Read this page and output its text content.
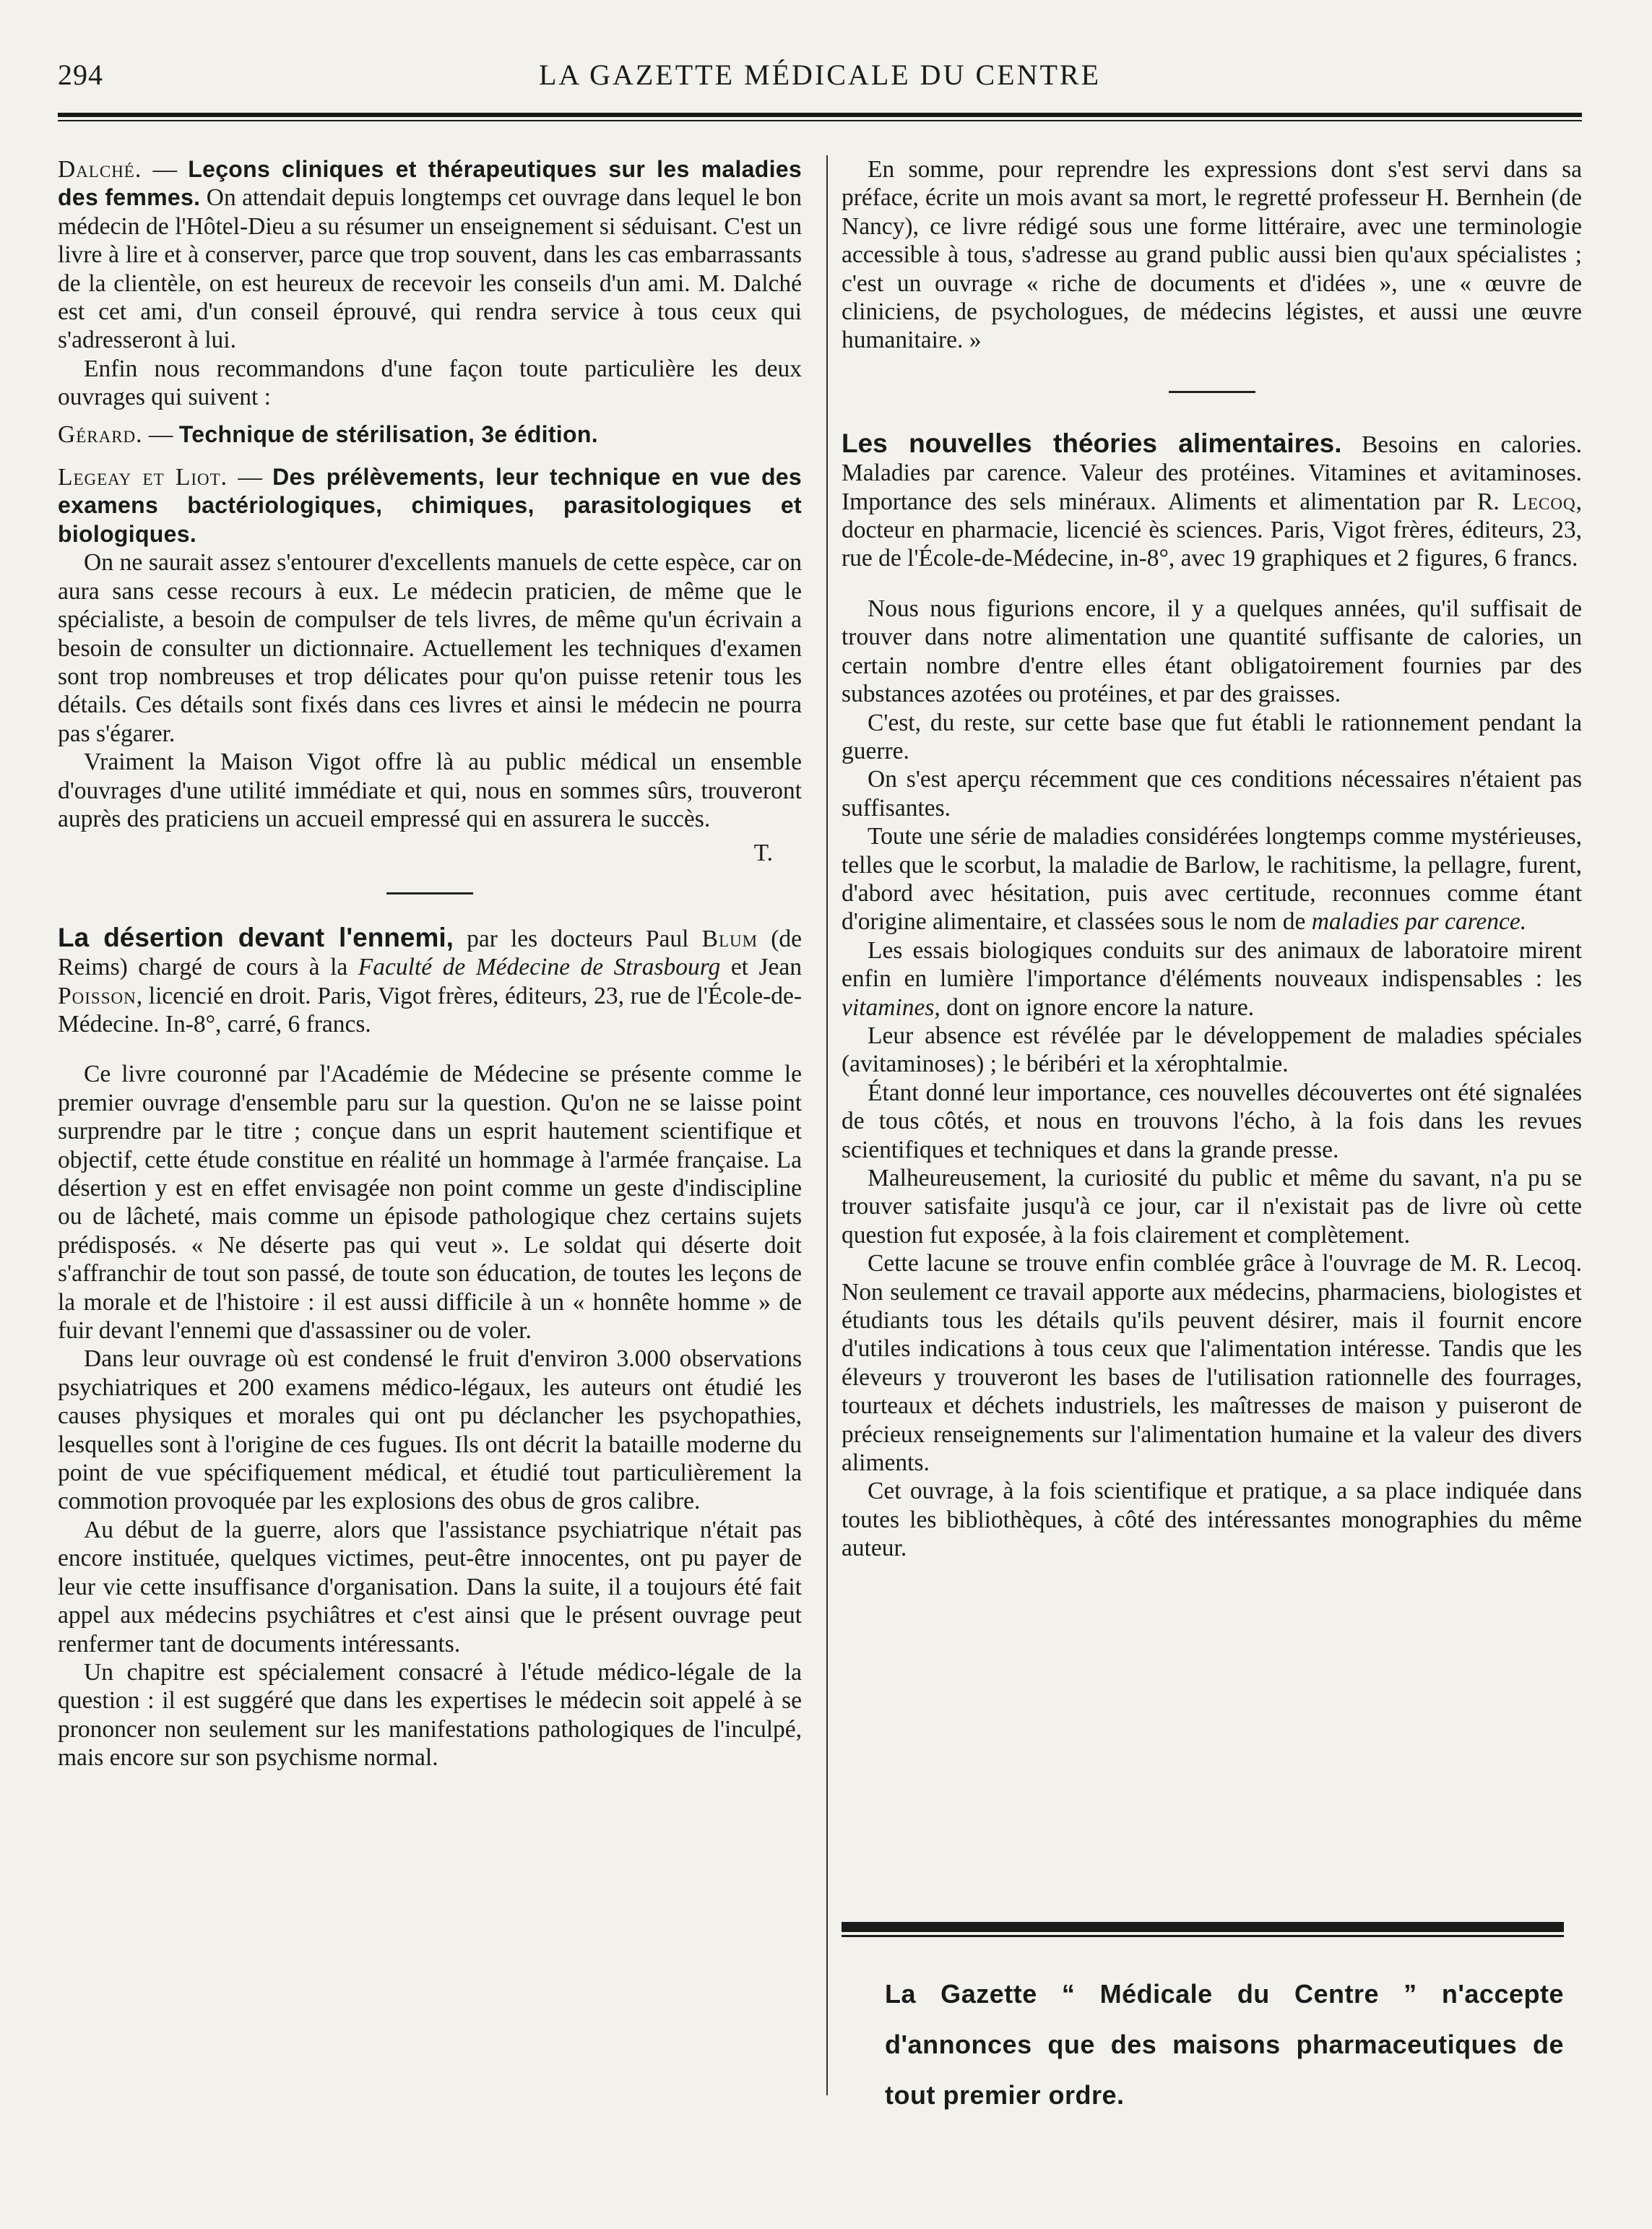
294	LA GAZETTE MÉDICALE DU CENTRE

Dalché. — Leçons cliniques et thérapeutiques sur les maladies des femmes. On attendait depuis longtemps cet ouvrage dans lequel le bon médecin de l'Hôtel-Dieu a su résumer un enseignement si séduisant. C'est un livre à lire et à conserver, parce que trop souvent, dans les cas embarrassants de la clientèle, on est heureux de recevoir les conseils d'un ami. M. Dalché est cet ami, d'un conseil éprouvé, qui rendra service à tous ceux qui s'adresseront à lui.

Enfin nous recommandons d'une façon toute particulière les deux ouvrages qui suivent :

Gérard. — Technique de stérilisation, 3e édition.

Legeay et Liot. — Des prélèvements, leur technique en vue des examens bactériologiques, chimiques, parasitologiques et biologiques.

On ne saurait assez s'entourer d'excellents manuels de cette espèce, car on aura sans cesse recours à eux. Le médecin praticien, de même que le spécialiste, a besoin de compulser de tels livres, de même qu'un écrivain a besoin de consulter un dictionnaire. Actuellement les techniques d'examen sont trop nombreuses et trop délicates pour qu'on puisse retenir tous les détails. Ces détails sont fixés dans ces livres et ainsi le médecin ne pourra pas s'égarer.

Vraiment la Maison Vigot offre là au public médical un ensemble d'ouvrages d'une utilité immédiate et qui, nous en sommes sûrs, trouveront auprès des praticiens un accueil empressé qui en assurera le succès.

T.

La désertion devant l'ennemi, par les docteurs Paul Blum (de Reims) chargé de cours à la Faculté de Médecine de Strasbourg et Jean Poisson, licencié en droit. Paris, Vigot frères, éditeurs, 23, rue de l'École-de-Médecine. In-8°, carré, 6 francs.

Ce livre couronné par l'Académie de Médecine se présente comme le premier ouvrage d'ensemble paru sur la question. Qu'on ne se laisse point surprendre par le titre ; conçue dans un esprit hautement scientifique et objectif, cette étude constitue en réalité un hommage à l'armée française. La désertion y est en effet envisagée non point comme un geste d'indiscipline ou de lâcheté, mais comme un épisode pathologique chez certains sujets prédisposés. « Ne déserte pas qui veut ». Le soldat qui déserte doit s'affranchir de tout son passé, de toute son éducation, de toutes les leçons de la morale et de l'histoire : il est aussi difficile à un « honnête homme » de fuir devant l'ennemi que d'assassiner ou de voler.

Dans leur ouvrage où est condensé le fruit d'environ 3.000 observations psychiatriques et 200 examens médico-légaux, les auteurs ont étudié les causes physiques et morales qui ont pu déclancher les psychopathies, lesquelles sont à l'origine de ces fugues. Ils ont décrit la bataille moderne du point de vue spécifiquement médical, et étudié tout particulièrement la commotion provoquée par les explosions des obus de gros calibre.

Au début de la guerre, alors que l'assistance psychiatrique n'était pas encore instituée, quelques victimes, peut-être innocentes, ont pu payer de leur vie cette insuffisance d'organisation. Dans la suite, il a toujours été fait appel aux médecins psychiâtres et c'est ainsi que le présent ouvrage peut renfermer tant de documents intéressants.

Un chapitre est spécialement consacré à l'étude médico-légale de la question : il est suggéré que dans les expertises le médecin soit appelé à se prononcer non seulement sur les manifestations pathologiques de l'inculpé, mais encore sur son psychisme normal.

En somme, pour reprendre les expressions dont s'est servi dans sa préface, écrite un mois avant sa mort, le regretté professeur H. Bernhein (de Nancy), ce livre rédigé sous une forme littéraire, avec une terminologie accessible à tous, s'adresse au grand public aussi bien qu'aux spécialistes ; c'est un ouvrage « riche de documents et d'idées », une « œuvre de cliniciens, de psychologues, de médecins légistes, et aussi une œuvre humanitaire. »

Les nouvelles théories alimentaires. Besoins en calories. Maladies par carence. Valeur des protéines. Vitamines et avitaminoses. Importance des sels minéraux. Aliments et alimentation par R. Lecoq, docteur en pharmacie, licencié ès sciences. Paris, Vigot frères, éditeurs, 23, rue de l'École-de-Médecine, in-8°, avec 19 graphiques et 2 figures, 6 francs.

Nous nous figurions encore, il y a quelques années, qu'il suffisait de trouver dans notre alimentation une quantité suffisante de calories, un certain nombre d'entre elles étant obligatoirement fournies par des substances azotées ou protéines, et par des graisses.

C'est, du reste, sur cette base que fut établi le rationnement pendant la guerre.

On s'est aperçu récemment que ces conditions nécessaires n'étaient pas suffisantes.

Toute une série de maladies considérées longtemps comme mystérieuses, telles que le scorbut, la maladie de Barlow, le rachitisme, la pellagre, furent, d'abord avec hésitation, puis avec certitude, reconnues comme étant d'origine alimentaire, et classées sous le nom de maladies par carence.

Les essais biologiques conduits sur des animaux de laboratoire mirent enfin en lumière l'importance d'éléments nouveaux indispensables : les vitamines, dont on ignore encore la nature.

Leur absence est révélée par le développement de maladies spéciales (avitaminoses) ; le béribéri et la xérophtalmie.

Étant donné leur importance, ces nouvelles découvertes ont été signalées de tous côtés, et nous en trouvons l'écho, à la fois dans les revues scientifiques et techniques et dans la grande presse.

Malheureusement, la curiosité du public et même du savant, n'a pu se trouver satisfaite jusqu'à ce jour, car il n'existait pas de livre où cette question fut exposée, à la fois clairement et complètement.

Cette lacune se trouve enfin comblée grâce à l'ouvrage de M. R. Lecoq. Non seulement ce travail apporte aux médecins, pharmaciens, biologistes et étudiants tous les détails qu'ils peuvent désirer, mais il fournit encore d'utiles indications à tous ceux que l'alimentation intéresse. Tandis que les éleveurs y trouveront les bases de l'utilisation rationnelle des fourrages, tourteaux et déchets industriels, les maîtresses de maison y puiseront de précieux renseignements sur l'alimentation humaine et la valeur des divers aliments.

Cet ouvrage, à la fois scientifique et pratique, a sa place indiquée dans toutes les bibliothèques, à côté des intéressantes monographies du même auteur.

La Gazette “ Médicale du Centre ” n'accepte d'annonces que des maisons pharmaceutiques de tout premier ordre.
